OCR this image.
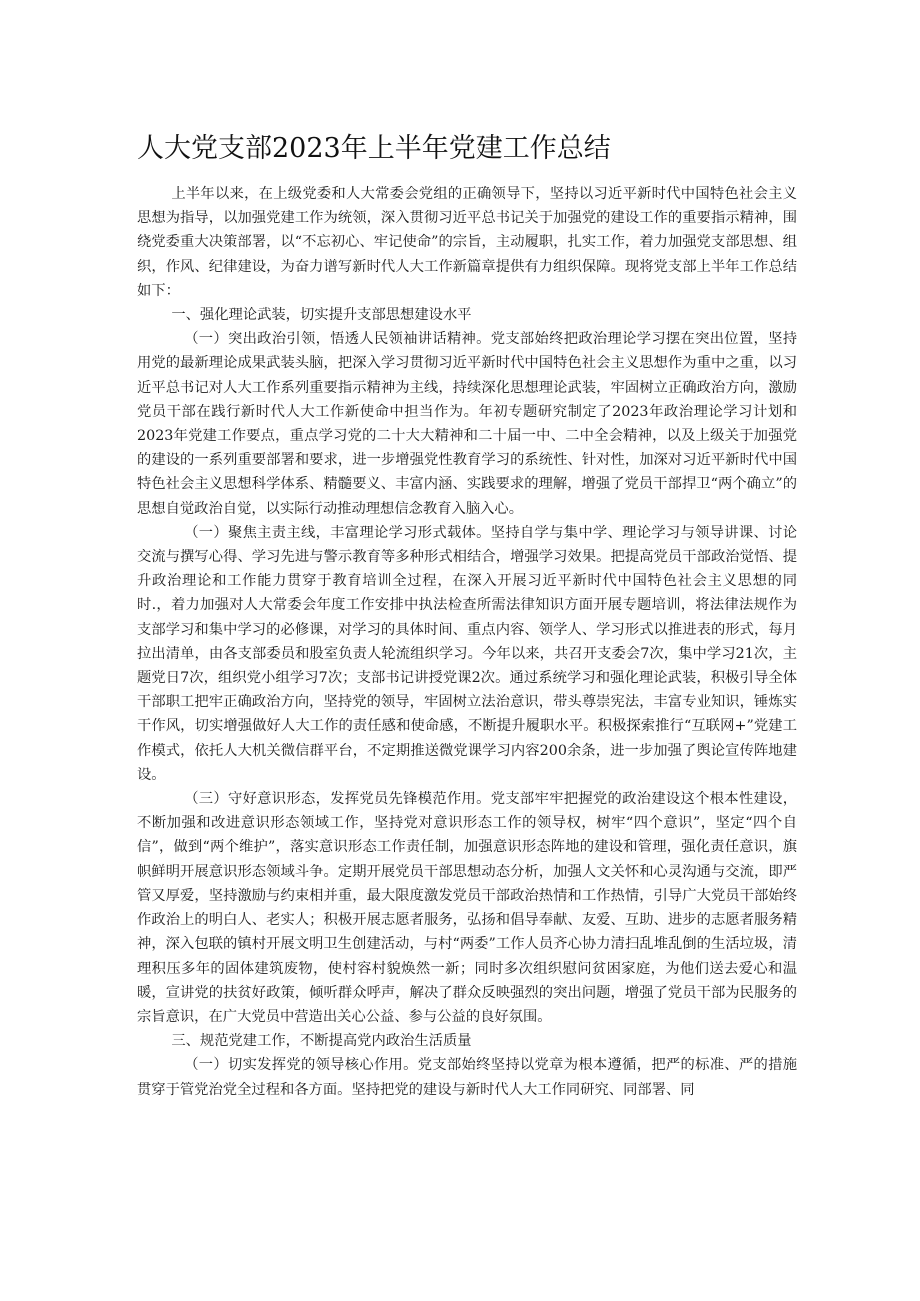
人大党支部2023年上半年党建工作总结

上半年以来，在上级党委和人大常委会党组的正确领导下，坚持以习近平新时代中国特色社会主义思想为指导，以加强党建工作为统领，深入贯彻习近平总书记关于加强党的建设工作的重要指示精神，围绕党委重大决策部署，以“不忘初心、牢记使命”的宗旨，主动履职，扎实工作，着力加强党支部思想、组织，作风、纪律建设，为奋力谱写新时代人大工作新篇章提供有力组织保障。现将党支部上半年工作总结如下：

一、强化理论武装，切实提升支部思想建设水平

（一）突出政治引领，悟透人民领袖讲话精神。党支部始终把政治理论学习摆在突出位置，坚持用党的最新理论成果武装头脑，把深入学习贯彻习近平新时代中国特色社会主义思想作为重中之重，以习近平总书记对人大工作系列重要指示精神为主线，持续深化思想理论武装，牢固树立正确政治方向，激励党员干部在践行新时代人大工作新使命中担当作为。年初专题研究制定了2023年政治理论学习计划和2023年党建工作要点，重点学习党的二十大大精神和二十届一中、二中全会精神，以及上级关于加强党的建设的一系列重要部署和要求，进一步增强党性教育学习的系统性、针对性，加深对习近平新时代中国特色社会主义思想科学体系、精髓要义、丰富内涵、实践要求的理解，增强了党员干部捍卫“两个确立”的思想自觉政治自觉，以实际行动推动理想信念教育入脑入心。

（一）聚焦主责主线，丰富理论学习形式载体。坚持自学与集中学、理论学习与领导讲课、讨论交流与撰写心得、学习先进与警示教育等多种形式相结合，增强学习效果。把提高党员干部政治觉悟、提升政治理论和工作能力贯穿于教育培训全过程，在深入开展习近平新时代中国特色社会主义思想的同时.，着力加强对人大常委会年度工作安排中执法检查所需法律知识方面开展专题培训，将法律法规作为支部学习和集中学习的必修课，对学习的具体时间、重点内容、领学人、学习形式以推进表的形式，每月拉出清单，由各支部委员和股室负责人轮流组织学习。今年以来，共召开支委会7次，集中学习21次，主题党日7次，组织党小组学习7次；支部书记讲授党课2次。通过系统学习和强化理论武装，积极引导全体干部职工把牢正确政治方向，坚持党的领导，牢固树立法治意识，带头尊崇宪法，丰富专业知识，锤炼实干作风，切实增强做好人大工作的责任感和使命感，不断提升履职水平。积极探索推行“互联网+”党建工作模式，依托人大机关微信群平台，不定期推送微党课学习内容200余条，进一步加强了舆论宣传阵地建设。

（三）守好意识形态，发挥党员先锋模范作用。党支部牢牢把握党的政治建设这个根本性建设，不断加强和改进意识形态领域工作，坚持党对意识形态工作的领导权，树牢“四个意识”，坚定“四个自信”，做到“两个维护”，落实意识形态工作责任制，加强意识形态阵地的建设和管理，强化责任意识，旗帜鲜明开展意识形态领域斗争。定期开展党员干部思想动态分析，加强人文关怀和心灵沟通与交流，即严管又厚爱，坚持激励与约束相并重，最大限度激发党员干部政治热情和工作热情，引导广大党员干部始终作政治上的明白人、老实人；积极开展志愿者服务，弘扬和倡导奉献、友爱、互助、进步的志愿者服务精神，深入包联的镇村开展文明卫生创建活动，与村“两委”工作人员齐心协力清扫乱堆乱倒的生活垃圾，清理积压多年的固体建筑废物，使村容村貌焕然一新；同时多次组织慰问贫困家庭，为他们送去爱心和温暖，宣讲党的扶贫好政策，倾听群众呼声，解决了群众反映强烈的突出问题，增强了党员干部为民服务的宗旨意识，在广大党员中营造出关心公益、参与公益的良好氛围。

三、规范党建工作，不断提高党内政治生活质量

（一）切实发挥党的领导核心作用。党支部始终坚持以党章为根本遵循，把严的标准、严的措施贯穿于管党治党全过程和各方面。坚持把党的建设与新时代人大工作同研究、同部署、同
